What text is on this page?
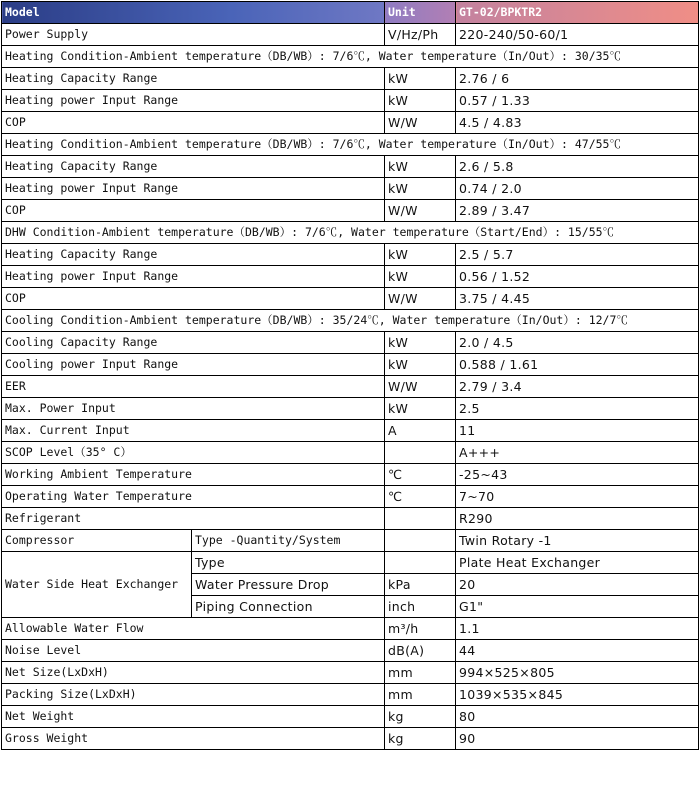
Model		Unit	GT-02/BPKTR2
Power Supply		V/Hz/Ph	220-240/50-60/1
Heating Condition-Ambient temperature（DB/WB）: 7/6℃, Water temperature（In/Out）: 30/35℃			
Heating Capacity Range		kW	2.76 / 6
Heating power Input Range		kW	0.57 / 1.33
COP		W/W	4.5 / 4.83
Heating Condition-Ambient temperature（DB/WB）: 7/6℃, Water temperature（In/Out）: 47/55℃			
Heating Capacity Range		kW	2.6 / 5.8
Heating power Input Range		kW	0.74 / 2.0
COP		W/W	2.89 / 3.47
DHW Condition-Ambient temperature（DB/WB）: 7/6℃, Water temperature（Start/End）: 15/55℃			
Heating Capacity Range		kW	2.5 / 5.7
Heating power Input Range		kW	0.56 / 1.52
COP		W/W	3.75 / 4.45
Cooling Condition-Ambient temperature（DB/WB）: 35/24℃, Water temperature（In/Out）: 12/7℃			
Cooling Capacity Range		kW	2.0 / 4.5
Cooling power Input Range		kW	0.588 / 1.61
EER		W/W	2.79 / 3.4
Max. Power Input		kW	2.5
Max. Current Input		A	11
SCOP Level（35° C）			A+++
Working Ambient Temperature		℃	-25~43
Operating Water Temperature		℃	7~70
Refrigerant			R290
Compressor	Type -Quantity/System		Twin Rotary -1
Water Side Heat Exchanger	Type		Plate Heat Exchanger
	Water Pressure Drop	kPa	20
	Piping Connection	inch	G1"
Allowable Water Flow		m³/h	1.1
Noise Level		dB(A)	44
Net Size(LxDxH)		mm	994×525×805
Packing Size(LxDxH)		mm	1039×535×845
Net Weight		kg	80
Gross Weight		kg	90
